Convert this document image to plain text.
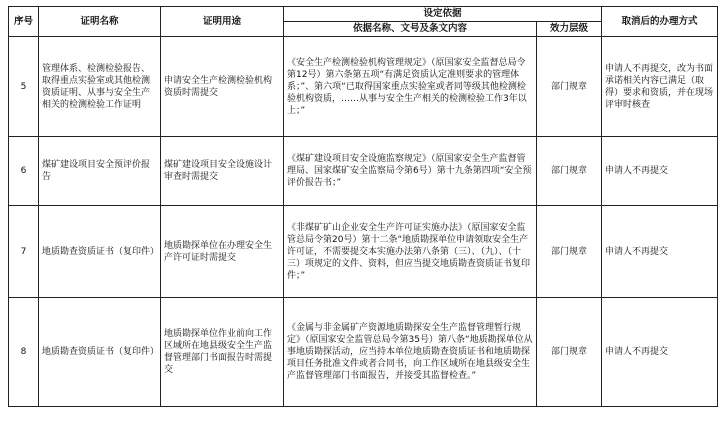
序号	证明名称	证明用途	设定依据		取消后的办理方式
			依据名称、文号及条文内容	效力层级	
5	管理体系、检测检验报告、取得重点实验室或其他检测资质证明、从事与安全生产相关的检测检验工作证明	申请安全生产检测检验机构资质时需提交	《安全生产检测检验机构管理规定》（原国家安全监督总局令第12号）第六条第五项“有满足资质认定准则要求的管理体系；”、第六项“已取得国家重点实验室或者同等级其他检测检验机构资质，……从事与安全生产相关的检测检验工作3年以上；”	部门规章	申请人不再提交，改为书面承诺相关内容已满足（取得）要求和资质，并在现场评审时核查
6	煤矿建设项目安全预评价报告	煤矿建设项目安全设施设计审查时需提交	《煤矿建设项目安全设施监察规定》（原国家安全生产监督管理局、国家煤矿安全监察局令第6号）第十九条第四项“安全预评价报告书；”	部门规章	申请人不再提交
7	地质勘查资质证书（复印件）	地质勘探单位在办理安全生产许可证时需提交	《非煤矿矿山企业安全生产许可证实施办法》（原国家安全监管总局令第20号）第十二条“地质勘探单位申请领取安全生产许可证，不需要提交本实施办法第八条第（三）、（九）、（十三）项规定的文件、资料，但应当提交地质勘查资质证书复印件；”	部门规章	申请人不再提交
8	地质勘查资质证书（复印件）	地质勘探单位作业前向工作区域所在地县级安全生产监督管理部门书面报告时需提交	《金属与非金属矿产资源地质勘探安全生产监督管理暂行规定》（原国家安全监管总局令第35号）第八条“地质勘探单位从事地质勘探活动，应当持本单位地质勘查资质证书和地质勘探项目任务批准文件或者合同书，向工作区域所在地县级安全生产监督管理部门书面报告，并接受其监督检查。”	部门规章	申请人不再提交
